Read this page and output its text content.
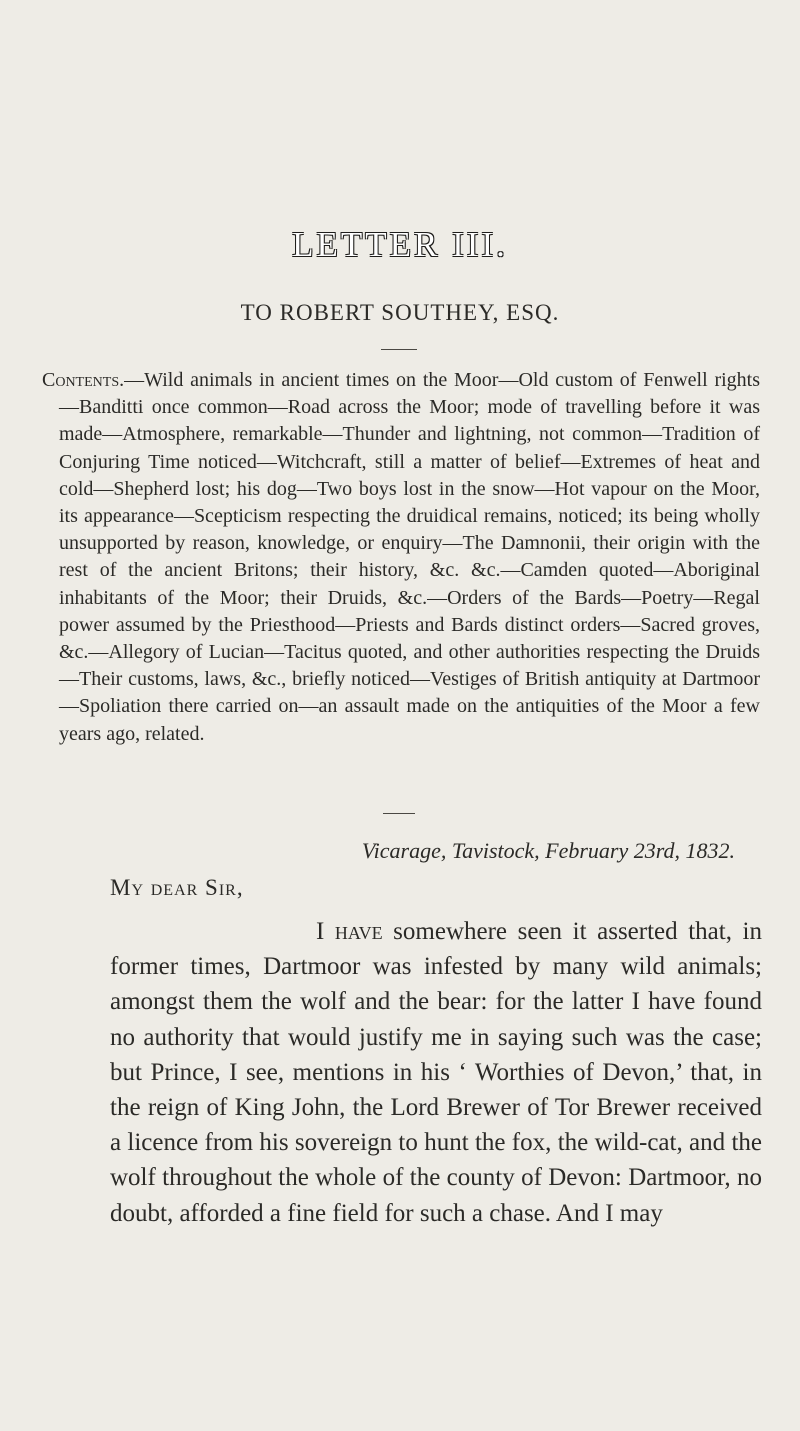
LETTER III.
TO ROBERT SOUTHEY, ESQ.
Contents.—Wild animals in ancient times on the Moor—Old custom of Fenwell rights—Banditti once common—Road across the Moor; mode of travelling before it was made—Atmosphere, remarkable—Thunder and lightning, not common—Tradition of Conjuring Time noticed—Witchcraft, still a matter of belief—Extremes of heat and cold—Shepherd lost; his dog—Two boys lost in the snow—Hot vapour on the Moor, its appearance—Scepticism respecting the druidical remains, noticed; its being wholly unsupported by reason, knowledge, or enquiry—The Damnonii, their origin with the rest of the ancient Britons; their history, &c. &c.—Camden quoted—Aboriginal inhabitants of the Moor; their Druids, &c.—Orders of the Bards—Poetry—Regal power assumed by the Priesthood—Priests and Bards distinct orders—Sacred groves, &c.—Allegory of Lucian—Tacitus quoted, and other authorities respecting the Druids—Their customs, laws, &c., briefly noticed—Vestiges of British antiquity at Dartmoor—Spoliation there carried on—an assault made on the antiquities of the Moor a few years ago, related.
Vicarage, Tavistock, February 23rd, 1832.
My dear Sir,
I have somewhere seen it asserted that, in former times, Dartmoor was infested by many wild animals; amongst them the wolf and the bear: for the latter I have found no authority that would justify me in saying such was the case; but Prince, I see, mentions in his ‘ Worthies of Devon,’ that, in the reign of King John, the Lord Brewer of Tor Brewer received a licence from his sovereign to hunt the fox, the wild-cat, and the wolf throughout the whole of the county of Devon: Dartmoor, no doubt, afforded a fine field for such a chase. And I may
